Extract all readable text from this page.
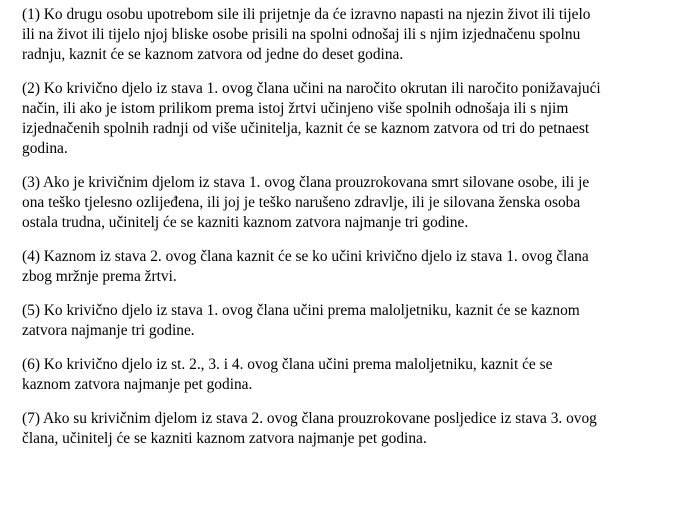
(1) Ko drugu osobu upotrebom sile ili prijetnje da će izravno napasti na njezin život ili tijelo
ili na život ili tijelo njoj bliske osobe prisili na spolni odnošaj ili s njim izjednačenu spolnu
radnju, kaznit će se kaznom zatvora od jedne do deset godina.

(2) Ko krivično djelo iz stava 1. ovog člana učini na naročito okrutan ili naročito ponižavajući
način, ili ako je istom prilikom prema istoj žrtvi učinjeno više spolnih odnošaja ili s njim
izjednačenih spolnih radnji od više učinitelja, kaznit će se kaznom zatvora od tri do petnaest
godina.

(3) Ako je krivičnim djelom iz stava 1. ovog člana prouzrokovana smrt silovane osobe, ili je
ona teško tjelesno ozlijeđena, ili joj je teško narušeno zdravlje, ili je silovana ženska osoba
ostala trudna, učinitelj će se kazniti kaznom zatvora najmanje tri godine.

(4) Kaznom iz stava 2. ovog člana kaznit će se ko učini krivično djelo iz stava 1. ovog člana
zbog mržnje prema žrtvi.

(5) Ko krivično djelo iz stava 1. ovog člana učini prema maloljetniku, kaznit će se kaznom
zatvora najmanje tri godine.

(6) Ko krivično djelo iz st. 2., 3. i 4. ovog člana učini prema maloljetniku, kaznit će se
kaznom zatvora najmanje pet godina.

(7) Ako su krivičnim djelom iz stava 2. ovog člana prouzrokovane posljedice iz stava 3. ovog
člana, učinitelj će se kazniti kaznom zatvora najmanje pet godina.
